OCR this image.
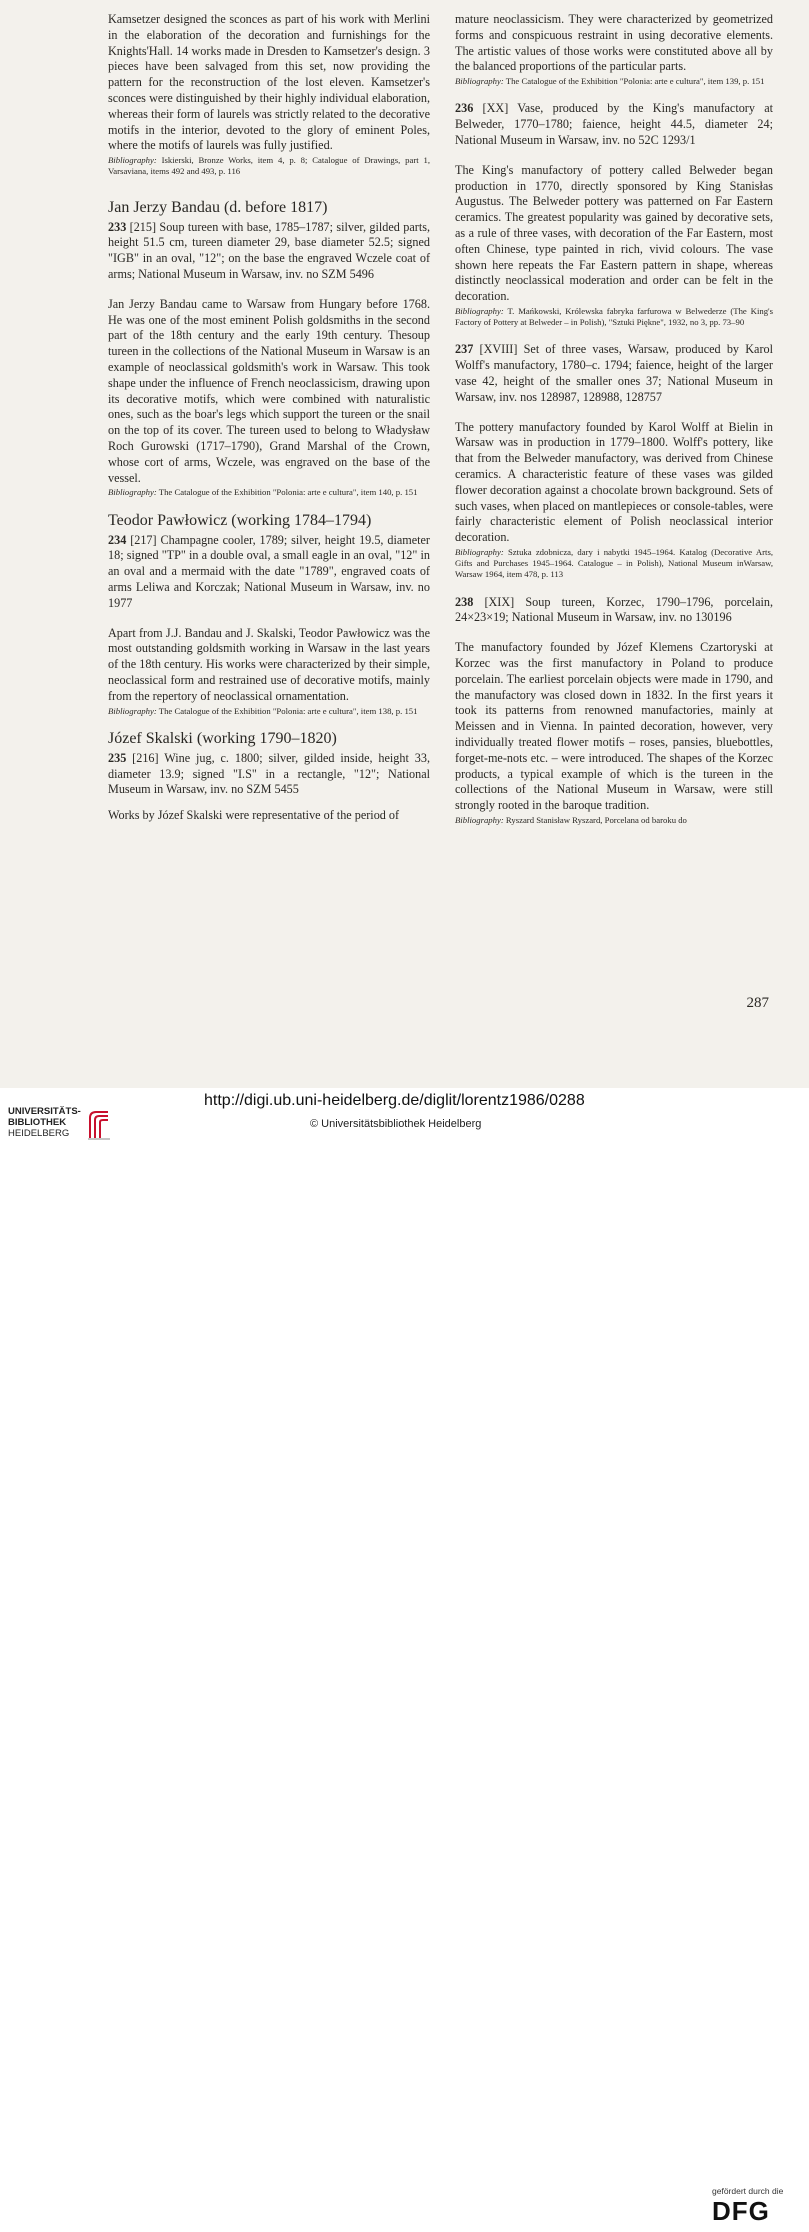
Kamsetzer designed the sconces as part of his work with Merlini in the elaboration of the decoration and furnishings for the Knights'Hall. 14 works made in Dresden to Kamsetzer's design. 3 pieces have been salvaged from this set, now providing the pattern for the reconstruction of the lost eleven. Kamsetzer's sconces were distinguished by their highly individual elaboration, whereas their form of laurels was strictly related to the decorative motifs in the interior, devoted to the glory of eminent Poles, where the motifs of laurels was fully justified.

Bibliography: Iskierski, Bronze Works, item 4, p. 8; Catalogue of Drawings, part 1, Varsaviana, items 492 and 493, p. 116

Jan Jerzy Bandau (d. before 1817)

233 [215] Soup tureen with base, 1785–1787; silver, gilded parts, height 51.5 cm, tureen diameter 29, base diameter 52.5; signed "IGB" in an oval, "12"; on the base the engraved Wczele coat of arms; National Museum in Warsaw, inv. no SZM 5496

Jan Jerzy Bandau came to Warsaw from Hungary before 1768. He was one of the most eminent Polish goldsmiths in the second part of the 18th century and the early 19th century. Thesoup tureen in the collections of the National Museum in Warsaw is an example of neoclassical goldsmith's work in Warsaw. This took shape under the influence of French neoclassicism, drawing upon its decorative motifs, which were combined with naturalistic ones, such as the boar's legs which support the tureen or the snail on the top of its cover. The tureen used to belong to Władysław Roch Gurowski (1717–1790), Grand Marshal of the Crown, whose cort of arms, Wczele, was engraved on the base of the vessel.

Bibliography: The Catalogue of the Exhibition "Polonia: arte e cultura", item 140, p. 151

Teodor Pawłowicz (working 1784–1794)

234 [217] Champagne cooler, 1789; silver, height 19.5, diameter 18; signed "TP" in a double oval, a small eagle in an oval, "12" in an oval and a mermaid with the date "1789", engraved coats of arms Leliwa and Korczak; National Museum in Warsaw, inv. no 1977

Apart from J.J. Bandau and J. Skalski, Teodor Pawłowicz was the most outstanding goldsmith working in Warsaw in the last years of the 18th century. His works were characterized by their simple, neoclassical form and restrained use of decorative motifs, mainly from the repertory of neoclassical ornamentation.

Bibliography: The Catalogue of the Exhibition "Polonia: arte e cultura", item 138, p. 151

Józef Skalski (working 1790–1820)

235 [216] Wine jug, c. 1800; silver, gilded inside, height 33, diameter 13.9; signed "I.S" in a rectangle, "12"; National Museum in Warsaw, inv. no SZM 5455

Works by Józef Skalski were representative of the period of

mature neoclassicism. They were characterized by geometrized forms and conspicuous restraint in using decorative elements. The artistic values of those works were constituted above all by the balanced proportions of the particular parts.

Bibliography: The Catalogue of the Exhibition "Polonia: arte e cultura", item 139, p. 151

236 [XX] Vase, produced by the King's manufactory at Belweder, 1770–1780; faience, height 44.5, diameter 24; National Museum in Warsaw, inv. no 52C 1293/1

The King's manufactory of pottery called Belweder began production in 1770, directly sponsored by King Stanisłas Augustus. The Belweder pottery was patterned on Far Eastern ceramics. The greatest popularity was gained by decorative sets, as a rule of three vases, with decoration of the Far Eastern, most often Chinese, type painted in rich, vivid colours. The vase shown here repeats the Far Eastern pattern in shape, whereas distinctly neoclassical moderation and order can be felt in the decoration.

Bibliography: T. Mańkowski, Królewska fabryka farfurowa w Belwederze (The King's Factory of Pottery at Belweder – in Polish), "Sztuki Piękne", 1932, no 3, pp. 73–90

237 [XVIII] Set of three vases, Warsaw, produced by Karol Wolff's manufactory, 1780–c. 1794; faience, height of the larger vase 42, height of the smaller ones 37; National Museum in Warsaw, inv. nos 128987, 128988, 128757

The pottery manufactory founded by Karol Wolff at Bielin in Warsaw was in production in 1779–1800. Wolff's pottery, like that from the Belweder manufactory, was derived from Chinese ceramics. A characteristic feature of these vases was gilded flower decoration against a chocolate brown background. Sets of such vases, when placed on mantlepieces or console-tables, were fairly characteristic element of Polish neoclassical interior decoration.

Bibliography: Sztuka zdobnicza, dary i nabytki 1945–1964. Katalog (Decorative Arts, Gifts and Purchases 1945–1964. Catalogue – in Polish), National Museum inWarsaw, Warsaw 1964, item 478, p. 113

238 [XIX] Soup tureen, Korzec, 1790–1796, porcelain, 24×23×19; National Museum in Warsaw, inv. no 130196

The manufactory founded by Józef Klemens Czartoryski at Korzec was the first manufactory in Poland to produce porcelain. The earliest porcelain objects were made in 1790, and the manufactory was closed down in 1832. In the first years it took its patterns from renowned manufactories, mainly at Meissen and in Vienna. In painted decoration, however, very individually treated flower motifs – roses, pansies, bluebottles, forget-me-nots etc. – were introduced. The shapes of the Korzec products, a typical example of which is the tureen in the collections of the National Museum in Warsaw, were still strongly rooted in the baroque tradition.

Bibliography: Ryszard Stanisław Ryszard, Porcelana od baroku do

287
UNIVERSITÄTS-
BIBLIOTHEK
HEIDELBERG
gefördert durch die
DFG
http://digi.ub.uni-heidelberg.de/diglit/lorentz1986/0288
© Universitätsbibliothek Heidelberg
